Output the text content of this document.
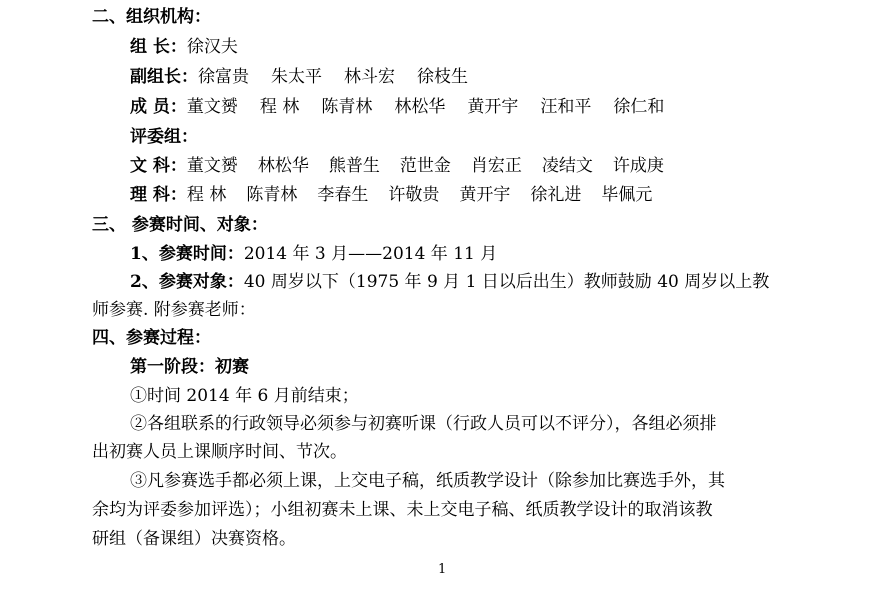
二、组织机构：
组 长：徐汉夫
副组长：徐富贵 朱太平 林斗宏 徐枝生
成 员：董文赟 程 林 陈青林 林松华 黄开宇 汪和平 徐仁和
评委组：
文 科：董文赟 林松华 熊普生 范世金 肖宏正 凌结文 许成庚
理 科：程 林 陈青林 李春生 许敬贵 黄开宇 徐礼进 毕佩元
三、 参赛时间、对象：
1、参赛时间：2014 年 3 月——2014 年 11 月
2、参赛对象：40 周岁以下（1975 年 9 月 1 日以后出生）教师鼓励 40 周岁以上教
师参赛. 附参赛老师：
四、参赛过程：
第一阶段：初赛
①时间 2014 年 6 月前结束；
②各组联系的行政领导必须参与初赛听课（行政人员可以不评分），各组必须排
出初赛人员上课顺序时间、节次。
③凡参赛选手都必须上课，上交电子稿，纸质教学设计（除参加比赛选手外，其
余均为评委参加评选）；小组初赛未上课、未上交电子稿、纸质教学设计的取消该教
研组（备课组）决赛资格。
1
